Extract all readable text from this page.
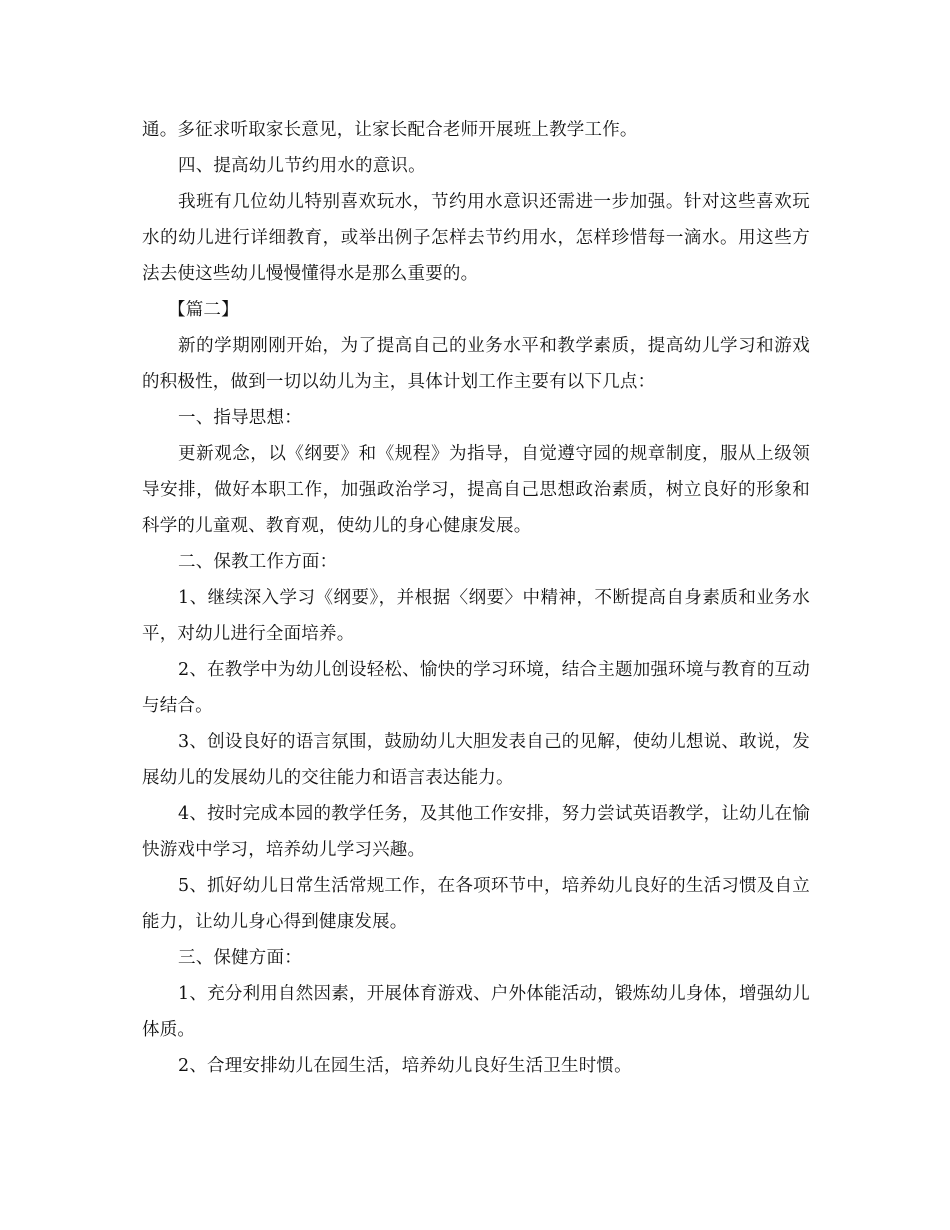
通。多征求听取家长意见，让家长配合老师开展班上教学工作。

四、提高幼儿节约用水的意识。

我班有几位幼儿特别喜欢玩水，节约用水意识还需进一步加强。针对这些喜欢玩水的幼儿进行详细教育，或举出例子怎样去节约用水，怎样珍惜每一滴水。用这些方法去使这些幼儿慢慢懂得水是那么重要的。

【篇二】

新的学期刚刚开始，为了提高自己的业务水平和教学素质，提高幼儿学习和游戏的积极性，做到一切以幼儿为主，具体计划工作主要有以下几点：

一、指导思想：

更新观念，以《纲要》和《规程》为指导，自觉遵守园的规章制度，服从上级领导安排，做好本职工作，加强政治学习，提高自己思想政治素质，树立良好的形象和科学的儿童观、教育观，使幼儿的身心健康发展。

二、保教工作方面：

1、继续深入学习《纲要》，并根据〈纲要〉中精神，不断提高自身素质和业务水平，对幼儿进行全面培养。

2、在教学中为幼儿创设轻松、愉快的学习环境，结合主题加强环境与教育的互动与结合。

3、创设良好的语言氛围，鼓励幼儿大胆发表自己的见解，使幼儿想说、敢说，发展幼儿的发展幼儿的交往能力和语言表达能力。

4、按时完成本园的教学任务，及其他工作安排，努力尝试英语教学，让幼儿在愉快游戏中学习，培养幼儿学习兴趣。

5、抓好幼儿日常生活常规工作，在各项环节中，培养幼儿良好的生活习惯及自立能力，让幼儿身心得到健康发展。

三、保健方面：

1、充分利用自然因素，开展体育游戏、户外体能活动，锻炼幼儿身体，增强幼儿体质。

2、合理安排幼儿在园生活，培养幼儿良好生活卫生时惯。
